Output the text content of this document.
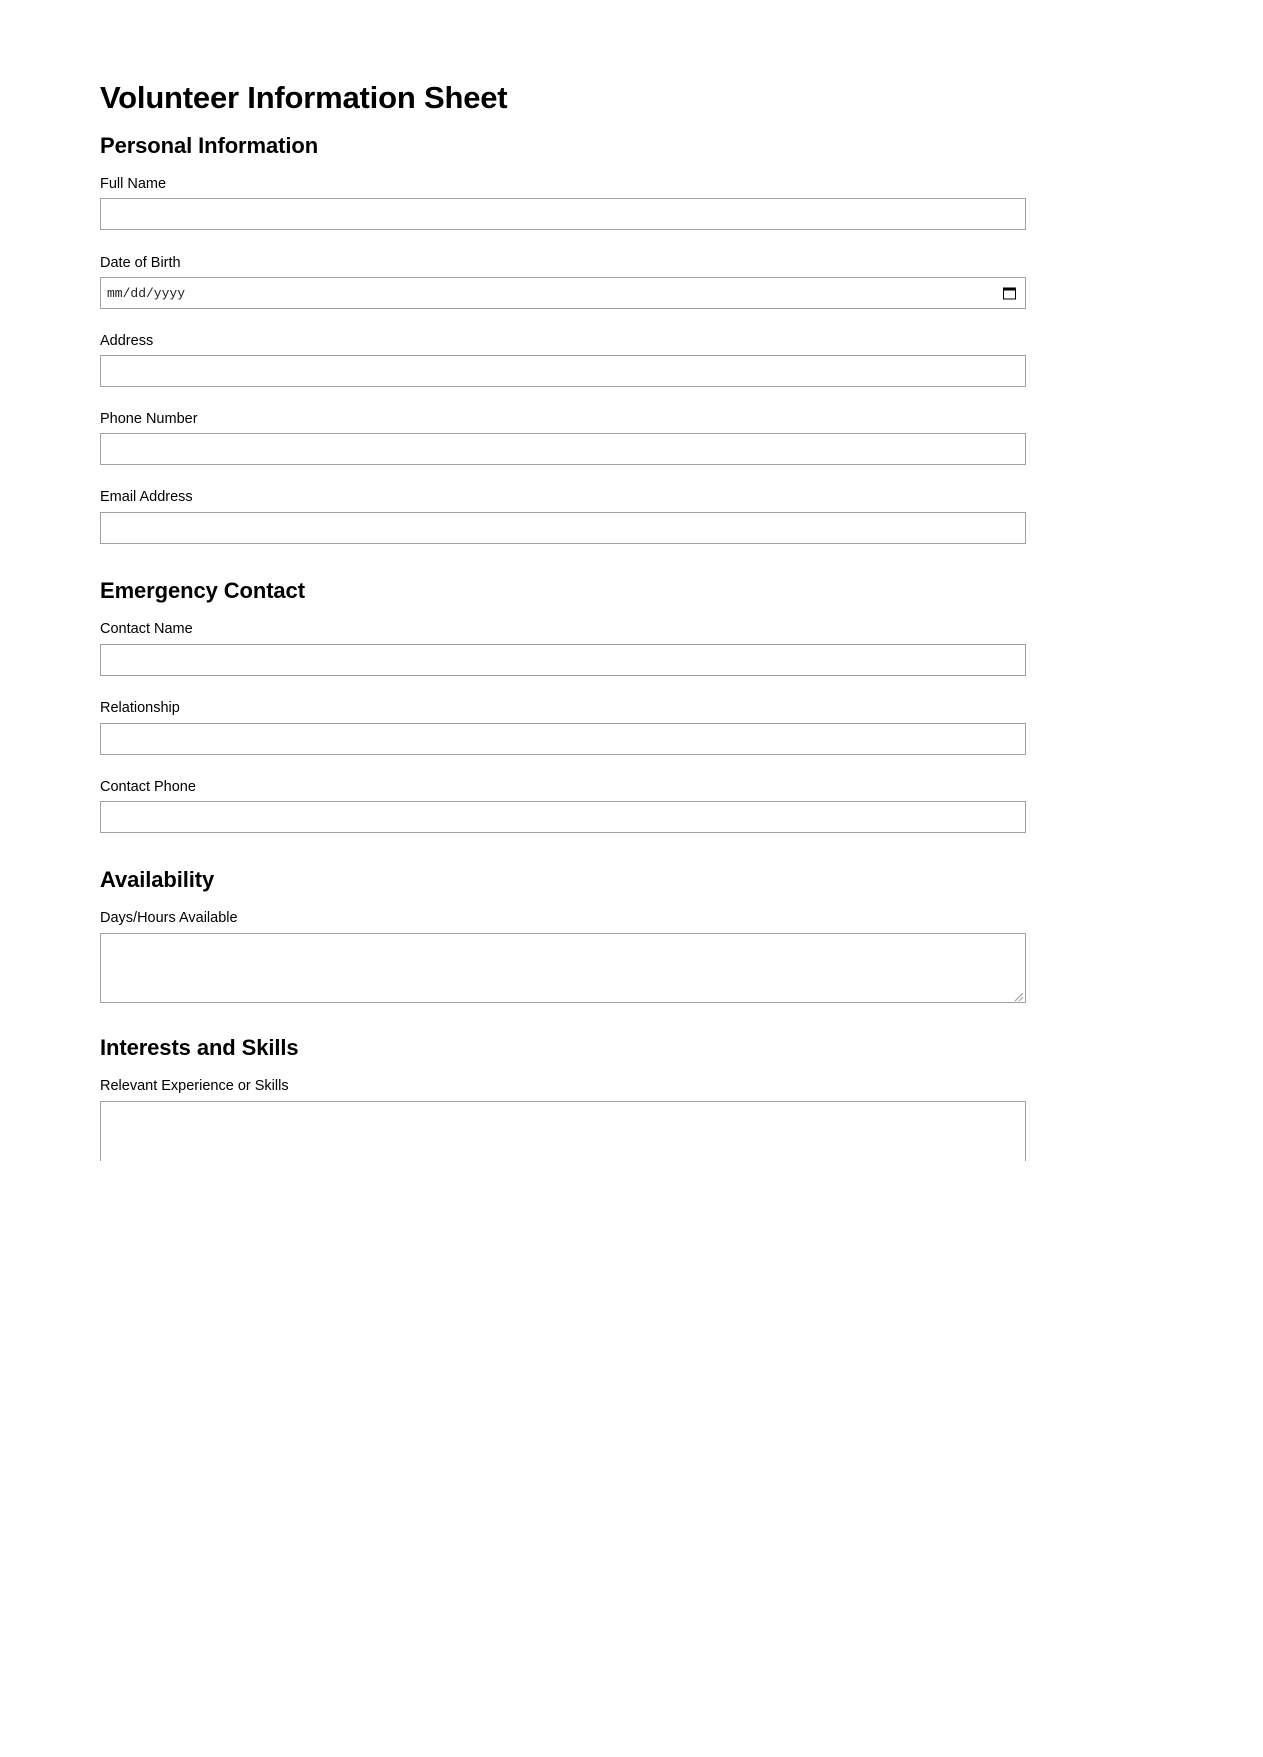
Volunteer Information Sheet
Personal Information
Full Name
Date of Birth
mm/dd/yyyy
Address
Phone Number
Email Address
Emergency Contact
Contact Name
Relationship
Contact Phone
Availability
Days/Hours Available
Interests and Skills
Relevant Experience or Skills
